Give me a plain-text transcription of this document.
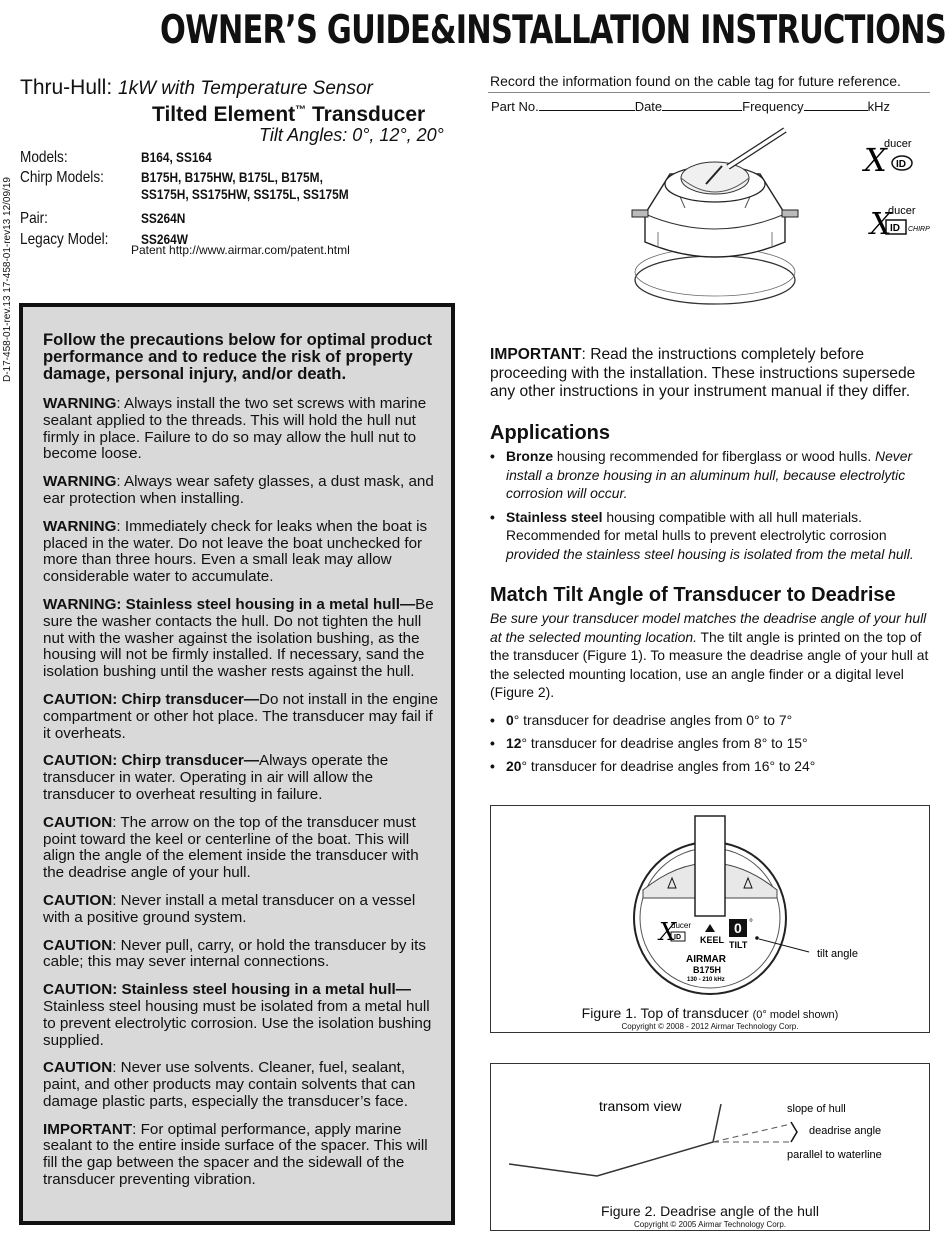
OWNER’S GUIDE & INSTALLATION INSTRUCTIONS
Thru-Hull: 1kW with Temperature Sensor
Tilted Element™ Transducer
Tilt Angles: 0°, 12°, 20°
D-17-458-01-rev.13 17-458-01-rev13 12/09/19
Models:	B164, SS164
Chirp Models:	B175H, B175HW, B175L, B175M,
SS175H, SS175HW, SS175L, SS175M
Pair:	SS264N
Legacy Model:	SS264W
Patent http://www.airmar.com/patent.html
Record the information found on the cable tag for future reference.
Part No.	Date	Frequency	kHz
X
ducer
ID
X
ducer
ID CHIRP
Follow the precautions below for optimal product performance and to reduce the risk of property damage, personal injury, and/or death.

WARNING: Always install the two set screws with marine sealant applied to the threads. This will hold the hull nut firmly in place. Failure to do so may allow the hull nut to become loose.

WARNING: Always wear safety glasses, a dust mask, and ear protection when installing.

WARNING: Immediately check for leaks when the boat is placed in the water. Do not leave the boat unchecked for more than three hours. Even a small leak may allow considerable water to accumulate.

WARNING: Stainless steel housing in a metal hull—Be sure the washer contacts the hull. Do not tighten the hull nut with the washer against the isolation bushing, as the housing will not be firmly installed. If necessary, sand the isolation bushing until the washer rests against the hull.

CAUTION: Chirp transducer—Do not install in the engine compartment or other hot place. The transducer may fail if it overheats.

CAUTION: Chirp transducer—Always operate the transducer in water. Operating in air will allow the transducer to overheat resulting in failure.

CAUTION: The arrow on the top of the transducer must point toward the keel or centerline of the boat. This will align the angle of the element inside the transducer with the deadrise angle of your hull.

CAUTION: Never install a metal transducer on a vessel with a positive ground system.

CAUTION: Never pull, carry, or hold the transducer by its cable; this may sever internal connections.

CAUTION: Stainless steel housing in a metal hull—Stainless steel housing must be isolated from a metal hull to prevent electrolytic corrosion. Use the isolation bushing supplied.

CAUTION: Never use solvents. Cleaner, fuel, sealant, paint, and other products may contain solvents that can damage plastic parts, especially the transducer’s face.

IMPORTANT: For optimal performance, apply marine sealant to the entire inside surface of the spacer. This will fill the gap between the spacer and the sidewall of the transducer preventing vibration.

IMPORTANT: Read the instructions completely before proceeding with the installation. These instructions supersede any other instructions in your instrument manual if they differ.
Applications
• Bronze housing recommended for fiberglass or wood hulls. Never install a bronze housing in an aluminum hull, because electrolytic corrosion will occur.
• Stainless steel housing compatible with all hull materials. Recommended for metal hulls to prevent electrolytic corrosion provided the stainless steel housing is isolated from the metal hull.
Match Tilt Angle of Transducer to Deadrise
Be sure your transducer model matches the deadrise angle of your hull at the selected mounting location. The tilt angle is printed on the top of the transducer (Figure 1). To measure the deadrise angle of your hull at the selected mounting location, use an angle finder or a digital level (Figure 2).
• 0° transducer for deadrise angles from 0° to 7°
• 12° transducer for deadrise angles from 8° to 15°
• 20° transducer for deadrise angles from 16° to 24°
X
ducer
ID KEEL
0 °
TILT
AIRMAR
B175H
130 - 210 kHz
tilt angle
Figure 1. Top of transducer (0° model shown)
Copyright © 2008 - 2012 Airmar Technology Corp.
transom view	slope of hull
deadrise angle
parallel to waterline
Figure 2. Deadrise angle of the hull
Copyright © 2005 Airmar Technology Corp.
